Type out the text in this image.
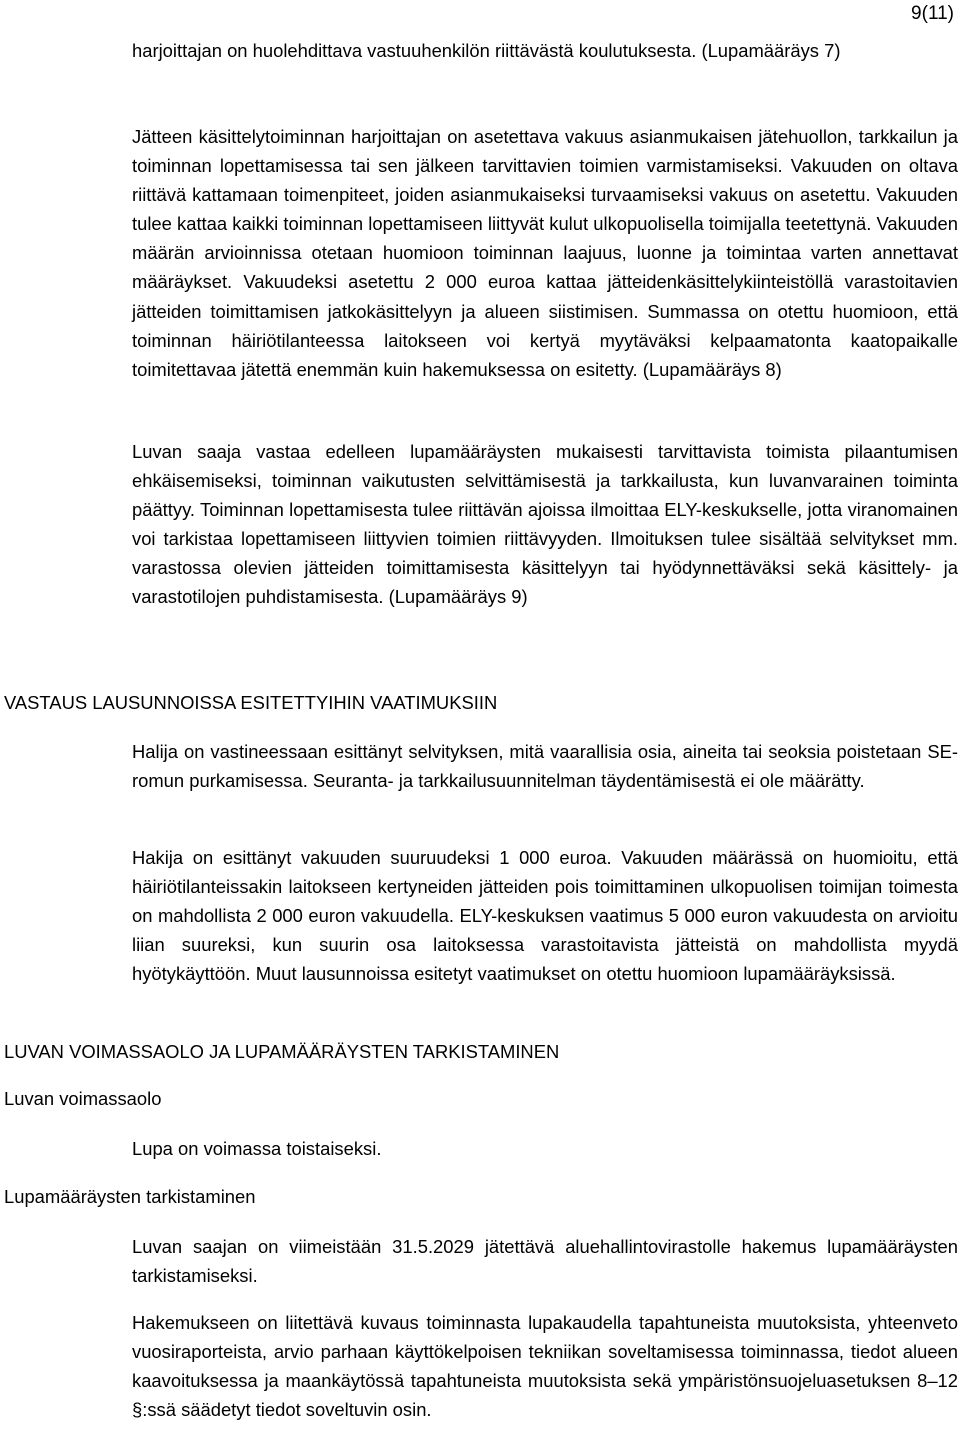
9(11)

harjoittajan on huolehdittava vastuuhenkilön riittävästä koulutuksesta. (Lupamääräys 7)

Jätteen käsittelytoiminnan harjoittajan on asetettava vakuus asianmukaisen jätehuollon, tarkkailun ja toiminnan lopettamisessa tai sen jälkeen tarvittavien toimien varmistamiseksi. Vakuuden on oltava riittävä kattamaan toimenpiteet, joiden asianmukaiseksi turvaamiseksi vakuus on asetettu. Vakuuden tulee kattaa kaikki toiminnan lopettamiseen liittyvät kulut ulkopuolisella toimijalla teetettynä. Vakuuden määrän arvioinnissa otetaan huomioon toiminnan laajuus, luonne ja toimintaa varten annettavat määräykset. Vakuudeksi asetettu 2 000 euroa kattaa jätteidenkäsittelykiinteistöllä varastoitavien jätteiden toimittamisen jatkokäsittelyyn ja alueen siistimisen. Summassa on otettu huomioon, että toiminnan häiriötilanteessa laitokseen voi kertyä myytäväksi kelpaamatonta kaatopaikalle toimitettavaa jätettä enemmän kuin hakemuksessa on esitetty. (Lupamääräys 8)

Luvan saaja vastaa edelleen lupamääräysten mukaisesti tarvittavista toimista pilaantumisen ehkäisemiseksi, toiminnan vaikutusten selvittämisestä ja tarkkailusta, kun luvanvarainen toiminta päättyy. Toiminnan lopettamisesta tulee riittävän ajoissa ilmoittaa ELY-keskukselle, jotta viranomainen voi tarkistaa lopettamiseen liittyvien toimien riittävyyden. Ilmoituksen tulee sisältää selvitykset mm. varastossa olevien jätteiden toimittamisesta käsittelyyn tai hyödynnettäväksi sekä käsittely- ja varastotilojen puhdistamisesta. (Lupamääräys 9)

VASTAUS LAUSUNNOISSA ESITETTYIHIN VAATIMUKSIIN

Halija on vastineessaan esittänyt selvityksen, mitä vaarallisia osia, aineita tai seoksia poistetaan SE-romun purkamisessa. Seuranta- ja tarkkailusuunnitelman täydentämisestä ei ole määrätty.

Hakija on esittänyt vakuuden suuruudeksi 1 000 euroa. Vakuuden määrässä on huomioitu, että häiriötilanteissakin laitokseen kertyneiden jätteiden pois toimittaminen ulkopuolisen toimijan toimesta on mahdollista 2 000 euron vakuudella. ELY-keskuksen vaatimus 5 000 euron vakuudesta on arvioitu liian suureksi, kun suurin osa laitoksessa varastoitavista jätteistä on mahdollista myydä hyötykäyttöön. Muut lausunnoissa esitetyt vaatimukset on otettu huomioon lupamääräyksissä.

LUVAN VOIMASSAOLO JA LUPAMÄÄRÄYSTEN TARKISTAMINEN
Luvan voimassaolo

Lupa on voimassa toistaiseksi.

Lupamääräysten tarkistaminen

Luvan saajan on viimeistään 31.5.2029 jätettävä aluehallintovirastolle hakemus lupamääräysten tarkistamiseksi.

Hakemukseen on liitettävä kuvaus toiminnasta lupakaudella tapahtuneista muutoksista, yhteenveto vuosiraporteista, arvio parhaan käyttökelpoisen tekniikan soveltamisessa toiminnassa, tiedot alueen kaavoituksessa ja maankäytössä tapahtuneista muutoksista sekä ympäristönsuojeluasetuksen 8–12 §:ssä säädetyt tiedot soveltuvin osin.
